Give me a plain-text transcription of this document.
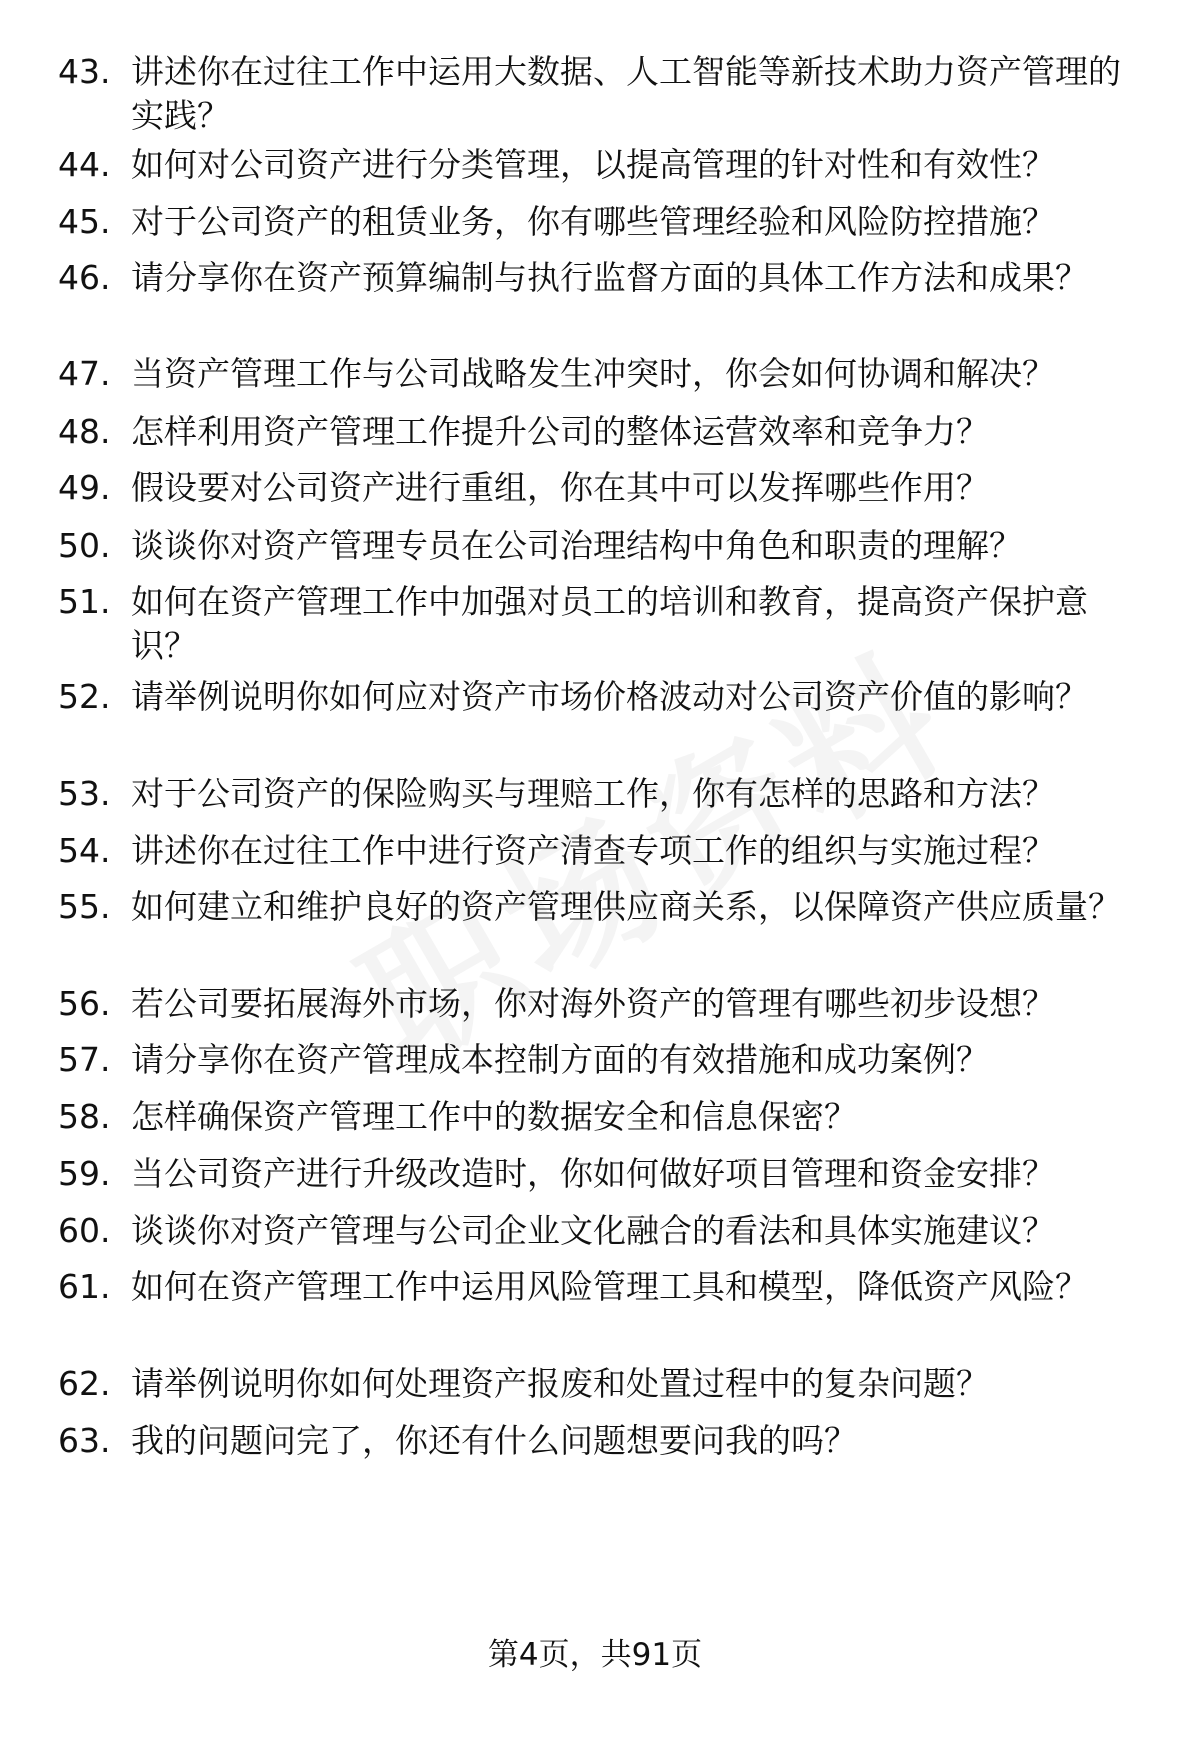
43. 讲述你在过往工作中运用大数据、人工智能等新技术助力资产管理的实践？
44. 如何对公司资产进行分类管理，以提高管理的针对性和有效性？
45. 对于公司资产的租赁业务，你有哪些管理经验和风险防控措施？
46. 请分享你在资产预算编制与执行监督方面的具体工作方法和成果？
47. 当资产管理工作与公司战略发生冲突时，你会如何协调和解决？
48. 怎样利用资产管理工作提升公司的整体运营效率和竞争力？
49. 假设要对公司资产进行重组，你在其中可以发挥哪些作用？
50. 谈谈你对资产管理专员在公司治理结构中角色和职责的理解？
51. 如何在资产管理工作中加强对员工的培训和教育，提高资产保护意识？
52. 请举例说明你如何应对资产市场价格波动对公司资产价值的影响？
53. 对于公司资产的保险购买与理赔工作，你有怎样的思路和方法？
54. 讲述你在过往工作中进行资产清查专项工作的组织与实施过程？
55. 如何建立和维护良好的资产管理供应商关系，以保障资产供应质量？
56. 若公司要拓展海外市场，你对海外资产的管理有哪些初步设想？
57. 请分享你在资产管理成本控制方面的有效措施和成功案例？
58. 怎样确保资产管理工作中的数据安全和信息保密？
59. 当公司资产进行升级改造时，你如何做好项目管理和资金安排？
60. 谈谈你对资产管理与公司企业文化融合的看法和具体实施建议？
61. 如何在资产管理工作中运用风险管理工具和模型，降低资产风险？
62. 请举例说明你如何处理资产报废和处置过程中的复杂问题？
63. 我的问题问完了，你还有什么问题想要问我的吗？
第4页，共91页
